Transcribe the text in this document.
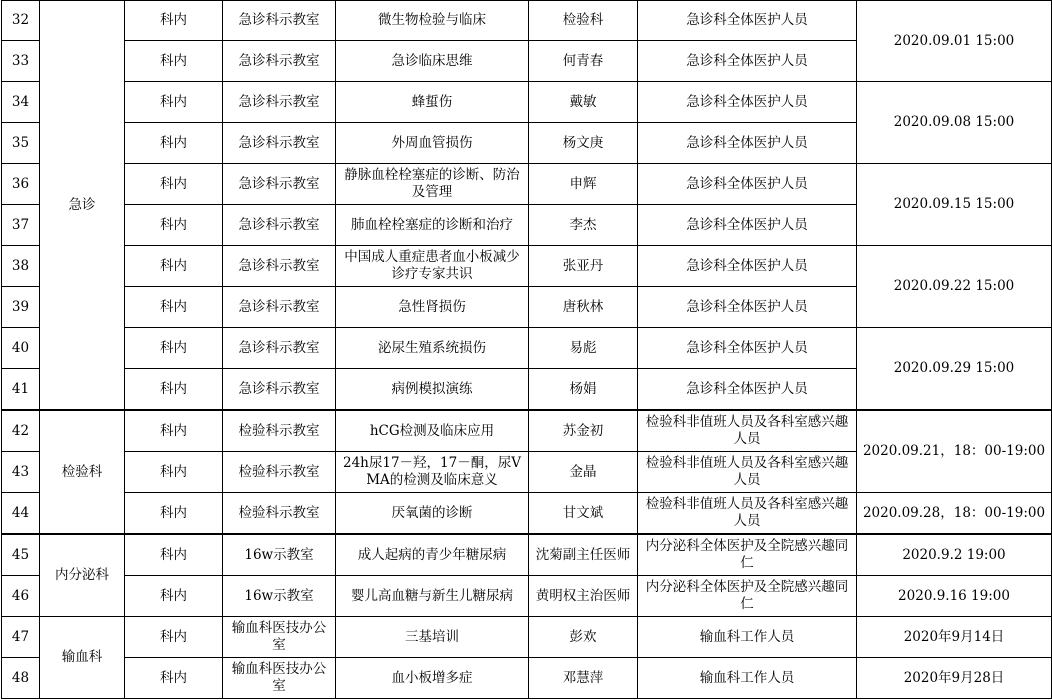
32	急诊	科内	急诊科示教室	微生物检验与临床	检验科	急诊科全体医护人员	2020.09.01 15:00
33		科内	急诊科示教室	急诊临床思维	何青春	急诊科全体医护人员	
34		科内	急诊科示教室	蜂蜇伤	戴敏	急诊科全体医护人员	2020.09.08 15:00
35		科内	急诊科示教室	外周血管损伤	杨文庚	急诊科全体医护人员	
36		科内	急诊科示教室	静脉血栓栓塞症的诊断、防治及管理	申辉	急诊科全体医护人员	2020.09.15 15:00
37		科内	急诊科示教室	肺血栓栓塞症的诊断和治疗	李杰	急诊科全体医护人员	
38		科内	急诊科示教室	中国成人重症患者血小板减少诊疗专家共识	张亚丹	急诊科全体医护人员	2020.09.22 15:00
39		科内	急诊科示教室	急性肾损伤	唐秋林	急诊科全体医护人员	
40		科内	急诊科示教室	泌尿生殖系统损伤	易彪	急诊科全体医护人员	2020.09.29 15:00
41		科内	急诊科示教室	病例模拟演练	杨娟	急诊科全体医护人员	
42	检验科	科内	检验科示教室	hCG检测及临床应用	苏金初	检验科非值班人员及各科室感兴趣人员	2020.09.21，18：00-19:00
43		科内	检验科示教室	24h尿17－羟，17－酮，尿VMA的检测及临床意义	金晶	检验科非值班人员及各科室感兴趣人员	
44		科内	检验科示教室	厌氧菌的诊断	甘文斌	检验科非值班人员及各科室感兴趣人员	2020.09.28，18：00-19:00
45	内分泌科	科内	16w示教室	成人起病的青少年糖尿病	沈菊副主任医师	内分泌科全体医护及全院感兴趣同仁	2020.9.2 19:00
46		科内	16w示教室	婴儿高血糖与新生儿糖尿病	黄明权主治医师	内分泌科全体医护及全院感兴趣同仁	2020.9.16 19:00
47	输血科	科内	输血科医技办公室	三基培训	彭欢	输血科工作人员	2020年9月14日
48		科内	输血科医技办公室	血小板增多症	邓慧萍	输血科工作人员	2020年9月28日
